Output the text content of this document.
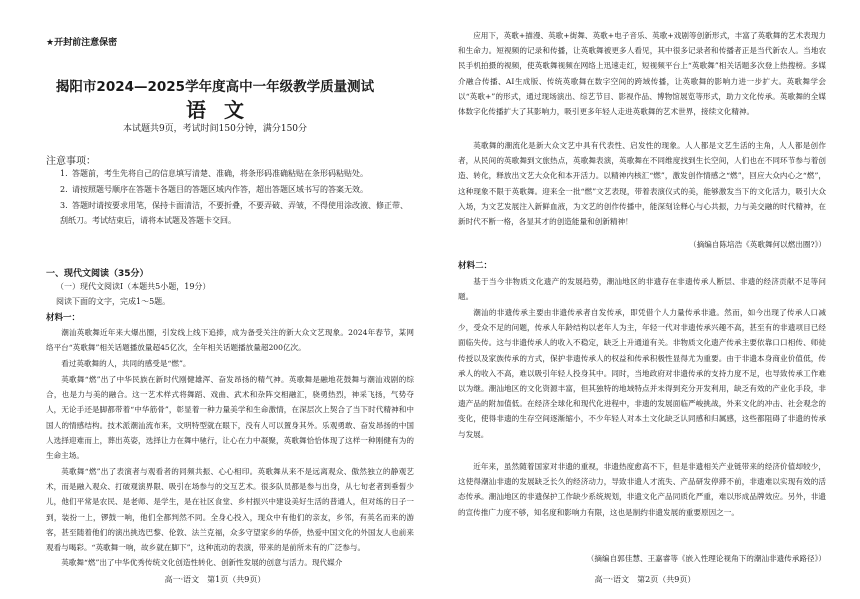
★开封前注意保密
揭阳市2024—2025学年度高中一年级教学质量测试
语文
本试题共9页，考试时间150分钟，满分150分
注意事项：
1. 答题前，考生先将自己的信息填写清楚、准确，将条形码准确粘贴在条形码粘贴处。
2. 请按照题号顺序在答题卡各题目的答题区域内作答，超出答题区域书写的答案无效。
3. 答题时请按要求用笔，保持卡面清洁，不要折叠，不要弄破、弄皱，不得使用涂改液、修正带、刮纸刀。考试结束后，请将本试题及答题卡交回。
一、现代文阅读（35分）
（一）现代文阅读Ⅰ（本题共5小题，19分）
阅读下面的文字，完成1～5题。
材料一：
潮汕英歌舞近年来大爆出圈，引发线上线下追捧，成为备受关注的新大众文艺现象。2024年春节，某网络平台“英歌舞”相关话题播放量超45亿次，全年相关话题播放量超200亿次。
看过英歌舞的人，共同的感受是“燃”。
英歌舞“燃”出了中华民族在新时代刚健雄浑、奋发昂扬的精气神。英歌舞是融地花鼓舞与潮汕戏剧的综合，也是力与美的融合。这一艺术样式将舞蹈、戏曲、武术和杂阵交相融汇，骁勇热烈，神采飞扬，气势夺人，无论手还是脚都带着“中华筋骨”，彰显着一种力量美学和生命激情，在深层次上契合了当下时代精神和中国人的情感结构。技术派潮汕流布来，文明特型就在眼下，没有人可以置身其外。乐观勇敢、奋发昂扬的中国人选择迎难而上，葬出英姿，选择让力在舞中驰行，让心在力中凝聚，英歌舞恰恰体现了这样一种刚健有为的生命主场。
英歌舞“燃”出了表演者与观看者的同频共振、心心相印。英歌舞从来不是远离观众、傲然独立的静观艺术，而是融入观众、打破观演界限、吸引在场参与的交互艺术。很多队员都是参与出身，从七旬老者到垂髫少儿，他们平常是农民、是老师、是学生，是在社区食堂、乡村振兴中建设美好生活的普通人，但对练的日子一到，装扮一上，锣鼓一响，他们全都判然不同。全身心投入，现众中有他们的亲友，乡邻，有英名而来的游客，甚至随着他们的演出挑选巴黎、伦敦、法兰克福，众多守望家乡的华侨，热爱中国文化的外国友人也前来观看与喝彩。“英歌舞一响，故乡就在脚下”，这种流动的表演，带来的是前所未有的广泛参与。
英歌舞“燃”出了中华优秀传统文化创造性转化、创新性发展的创意与活力。现代媒介
高一·语文　第1页（共9页）
应用下，英歌+描漫、英歌+街舞、英歌+电子音乐、英歌+戏剧等创新形式，丰富了英歌舞的艺术表现力和生命力。短视频的记录和传播，让英歌舞被更多人看见，其中很多记录者和传播者正是当代新农人。当地农民手机拍摄的视频，使英歌舞视频在网络上迅速走红，短视频平台上“英歌舞”相关话题多次登上热搜榜。多媒介融合传播、AI生成版、传统英歌舞在数字空间的跨域传播，让英歌舞的影响力进一步扩大。英歌舞学会以“英歌+”的形式，通过现场演出、综艺节目、影视作品、博物馆展览等形式，助力文化传承。英歌舞的全媒体数字化传播扩大了其影响力，吸引更多年轻人走进英歌舞的艺术世界，接续文化精神。
英歌舞的潮流化是新大众文艺中具有代表性、启发性的现象。人人都是文艺生活的主角，人人都是创作者，从民间的英歌舞到文旅热点，英歌舞表演，英歌舞在不同维度找到生长空间，人们也在不同环节参与着创造、转化，释放出文艺大众化和本开活力。以精神内核汇“燃”，激发创作情感之“燃”，回应大众内心之“燃”，这种现象不限于英歌舞。迎来全一批“燃”文艺表现，带着表演仪式的美，能够激发当下的文化活力，吸引大众入场，为文艺发展注入新鲜血液，为文艺的创作传播中，能深刻诠释心与心共振，力与美交融的时代精神，在新时代不断一格，各显其才的创造能量和创新精神！
（摘编自陈培浩《英歌舞何以燃出圈?》）
材料二：
基于当今非物质文化遗产的发展趋势，潮汕地区的非遗存在非遗传承人断层、非遗的经济贡献不足等问题。
潮汕的非遗传承主要由非遗传承者自发传承，即凭借个人力量传承非遗。然而，如今出现了传承人口减少，受众不足的问题，传承人年龄结构以老年人为主，年轻一代对非遗传承兴趣不高，甚至有的非遗项目已经面临失传。这与非遗传承人的收入不稳定，缺乏上升通道有关。非物质文化遗产传承主要依靠口口相传、师徒传授以及家族传承的方式，保护非遗传承人的权益和传承积极性显得尤为重要。由于非遗本身商业价值低，传承人的收入不高，难以吸引年轻人投身其中。同时，当地政府对非遗传承的支持力度不足，也导致传承工作难以为继。潮汕地区的文化资源丰富，但其独特的地域特点并未得到充分开发利用，缺乏有效的产业化手段，非遗产品的附加值低。在经济全球化和现代化进程中，非遗的发展面临严峻挑战，外来文化的冲击、社会观念的变化，使得非遗的生存空间逐渐缩小，不少年轻人对本土文化缺乏认同感和归属感，这些都阻碍了非遗的传承与发展。
近年来，虽然随着国家对非遗的重视，非遗热度愈高不下，但是非遗相关产业链带来的经济价值却较少，这使得潮汕非遗的发展缺乏长久的经济动力，导致非遗人才流失、产品研发停滞不前，非遗难以实现有效的活态传承。潮汕地区的非遗保护工作缺少系统规划，非遗文化产品同质化严重，难以形成品牌效应。另外，非遗的宣传推广力度不够，知名度和影响力有限，这也是制约非遗发展的重要原因之一。
（摘编自郭佳慧、王嘉睿等《嵌入性理论视角下的潮汕非遗传承路径》）
高一·语文　第2页（共9页）
